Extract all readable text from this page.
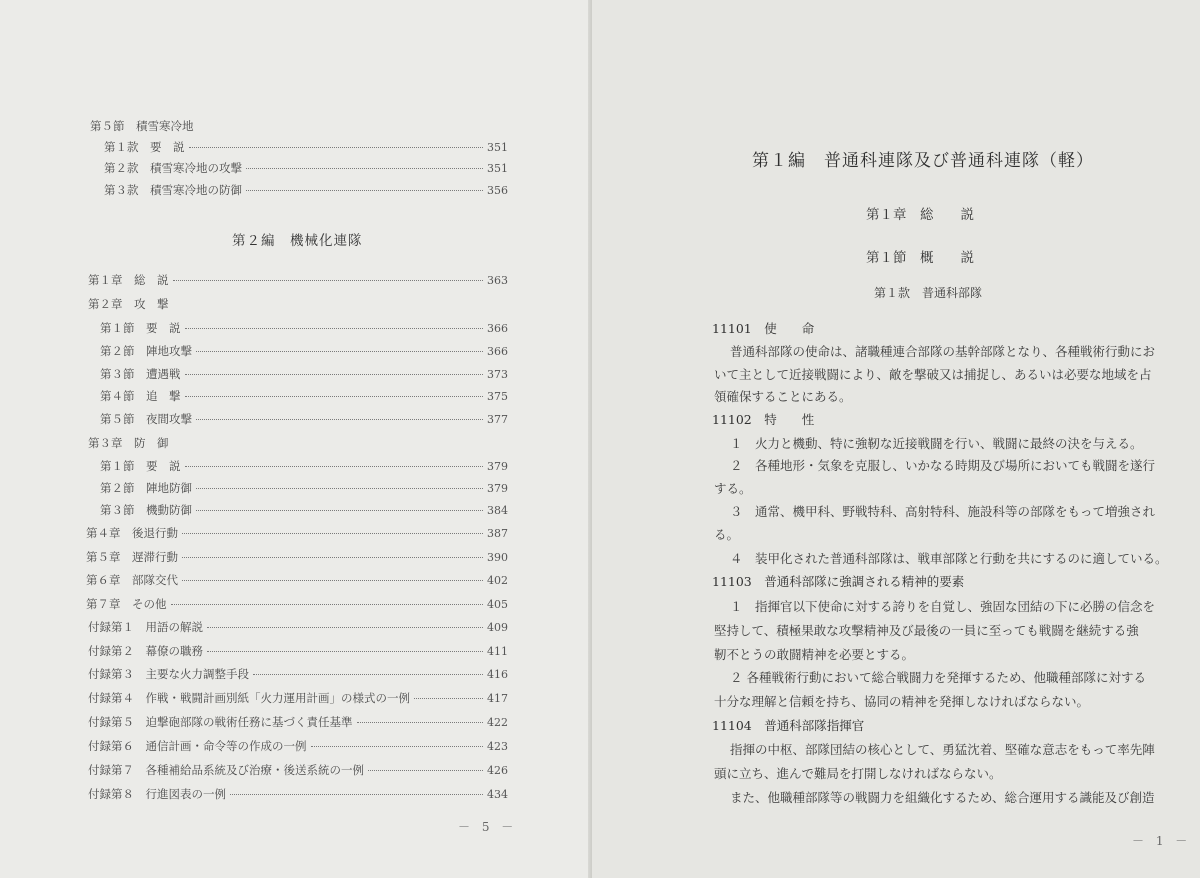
第５節　積雪寒冷地
第１款　要　説	351
第２款　積雪寒冷地の攻撃	351
第３款　積雪寒冷地の防御	356
第２編　機械化連隊
第１章　総　説	363
第２章　攻　撃
第１節　要　説	366
第２節　陣地攻撃	366
第３節　遭遇戦	373
第４節　追　撃	375
第５節　夜間攻撃	377
第３章　防　御
第１節　要　説	379
第２節　陣地防御	379
第３節　機動防御	384
第４章　後退行動	387
第５章　遅滞行動	390
第６章　部隊交代	402
第７章　その他	405
付録第１　用語の解説	409
付録第２　幕僚の職務	411
付録第３　主要な火力調整手段	416
付録第４　作戦・戦闘計画別紙「火力運用計画」の様式の一例	417
付録第５　迫撃砲部隊の戦術任務に基づく責任基準	422
付録第６　通信計画・命令等の作成の一例	423
付録第７　各種補給品系統及び治療・後送系統の一例	426
付録第８　行進図表の一例	434
－ 5 －
第１編　普通科連隊及び普通科連隊（軽）
第１章　総　　説
第１節　概　　説
第１款　普通科部隊
11101　使　　命
普通科部隊の使命は、諸職種連合部隊の基幹部隊となり、各種戦術行動にお
いて主として近接戦闘により、敵を撃破又は捕捉し、あるいは必要な地域を占
領確保することにある。
11102　特　　性
１　火力と機動、特に強靭な近接戦闘を行い、戦闘に最終の決を与える。
２　各種地形・気象を克服し、いかなる時期及び場所においても戦闘を遂行
する。
３　通常、機甲科、野戦特科、高射特科、施設科等の部隊をもって増強され
る。
４　装甲化された普通科部隊は、戦車部隊と行動を共にするのに適している。
11103　普通科部隊に強調される精神的要素
１　指揮官以下使命に対する誇りを自覚し、強固な団結の下に必勝の信念を
堅持して、積極果敢な攻撃精神及び最後の一員に至っても戦闘を継続する強
靭不とうの敢闘精神を必要とする。
２ 各種戦術行動において総合戦闘力を発揮するため、他職種部隊に対する
十分な理解と信頼を持ち、協同の精神を発揮しなければならない。
11104　普通科部隊指揮官
指揮の中枢、部隊団結の核心として、勇猛沈着、堅確な意志をもって率先陣
頭に立ち、進んで難局を打開しなければならない。
また、他職種部隊等の戦闘力を組織化するため、総合運用する識能及び創造
－ 1 －
